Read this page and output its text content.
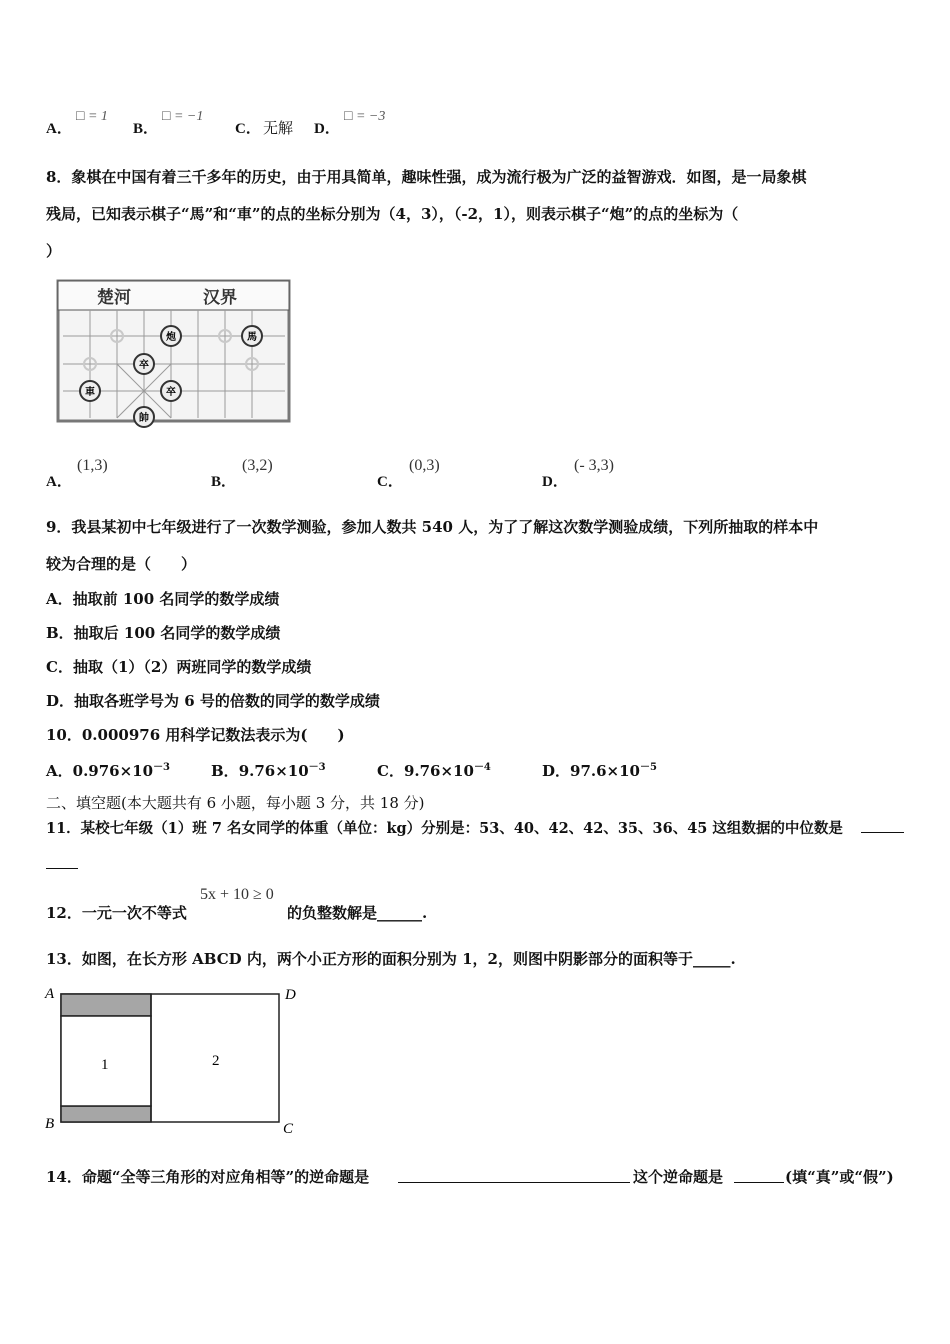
A．
□ = 1
B．
□ = −1
C． 无解 D．
□ = −3
8．象棋在中国有着三千多年的历史，由于用具简单，趣味性强，成为流行极为广泛的益智游戏．如图，是一局象棋
残局，已知表示棋子“馬”和“車”的点的坐标分别为（4，3），（-2，1），则表示棋子“炮”的点的坐标为（
）
楚河	汉界
炮	馬
卒
車	卒
帥
A．
(1,3)
B．
(3,2)
C．
(0,3)
D．
(- 3,3)
9．我县某初中七年级进行了一次数学测验，参加人数共 540 人，为了了解这次数学测验成绩，下列所抽取的样本中
较为合理的是（　　）
A．抽取前 100 名同学的数学成绩
B．抽取后 100 名同学的数学成绩
C．抽取（1）（2）两班同学的数学成绩
D．抽取各班学号为 6 号的倍数的同学的数学成绩
10．0.000976 用科学记数法表示为(　　)
A．$0.976\times 10^{-3}$	B．$9.76\times 10^{-3}$	C．$9.76\times 10^{-4}$	D．$97.6\times 10^{-5}$
二、填空题(本大题共有 6 小题，每小题 3 分，共 18 分)
11．某校七年级（1）班 7 名女同学的体重（单位：kg）分别是：53、40、42、42、35、36、45 这组数据的中位数是
12．一元一次不等式
5x + 10 ≥ 0
的负整数解是______.
13．如图，在长方形 ABCD 内，两个小正方形的面积分别为 1，2，则图中阴影部分的面积等于_____.
1	2
A	D
B	C
14．命题“全等三角形的对应角相等”的逆命题是	这个逆命题是	(填“真”或“假”)
